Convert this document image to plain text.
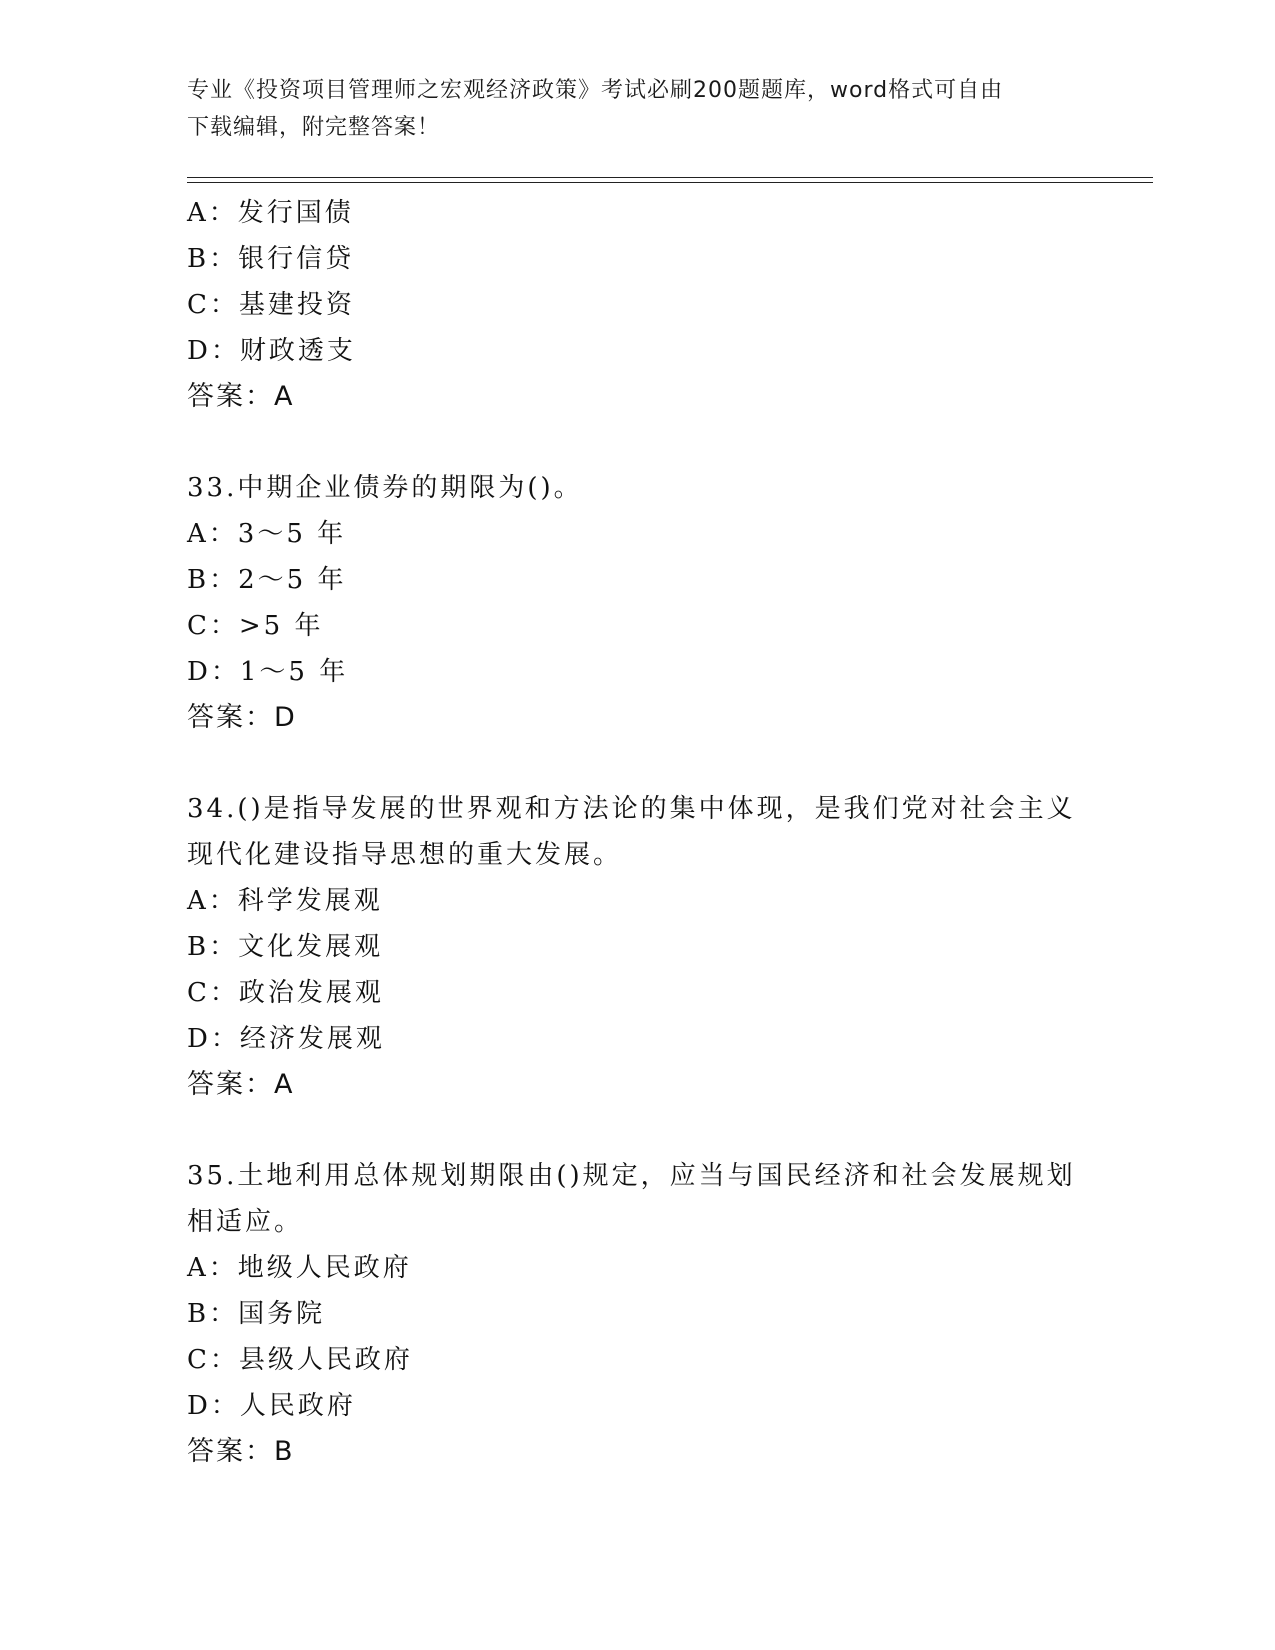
专业《投资项目管理师之宏观经济政策》考试必刷200题题库，word格式可自由
下载编辑，附完整答案！
A：发行国债
B：银行信贷
C：基建投资
D：财政透支
答案：A
33.中期企业债券的期限为()。
A：3～5 年
B：2～5 年
C：>5 年
D：1～5 年
答案：D
34.()是指导发展的世界观和方法论的集中体现，是我们党对社会主义
现代化建设指导思想的重大发展。
A：科学发展观
B：文化发展观
C：政治发展观
D：经济发展观
答案：A
35.土地利用总体规划期限由()规定，应当与国民经济和社会发展规划
相适应。
A：地级人民政府
B：国务院
C：县级人民政府
D：人民政府
答案：B
